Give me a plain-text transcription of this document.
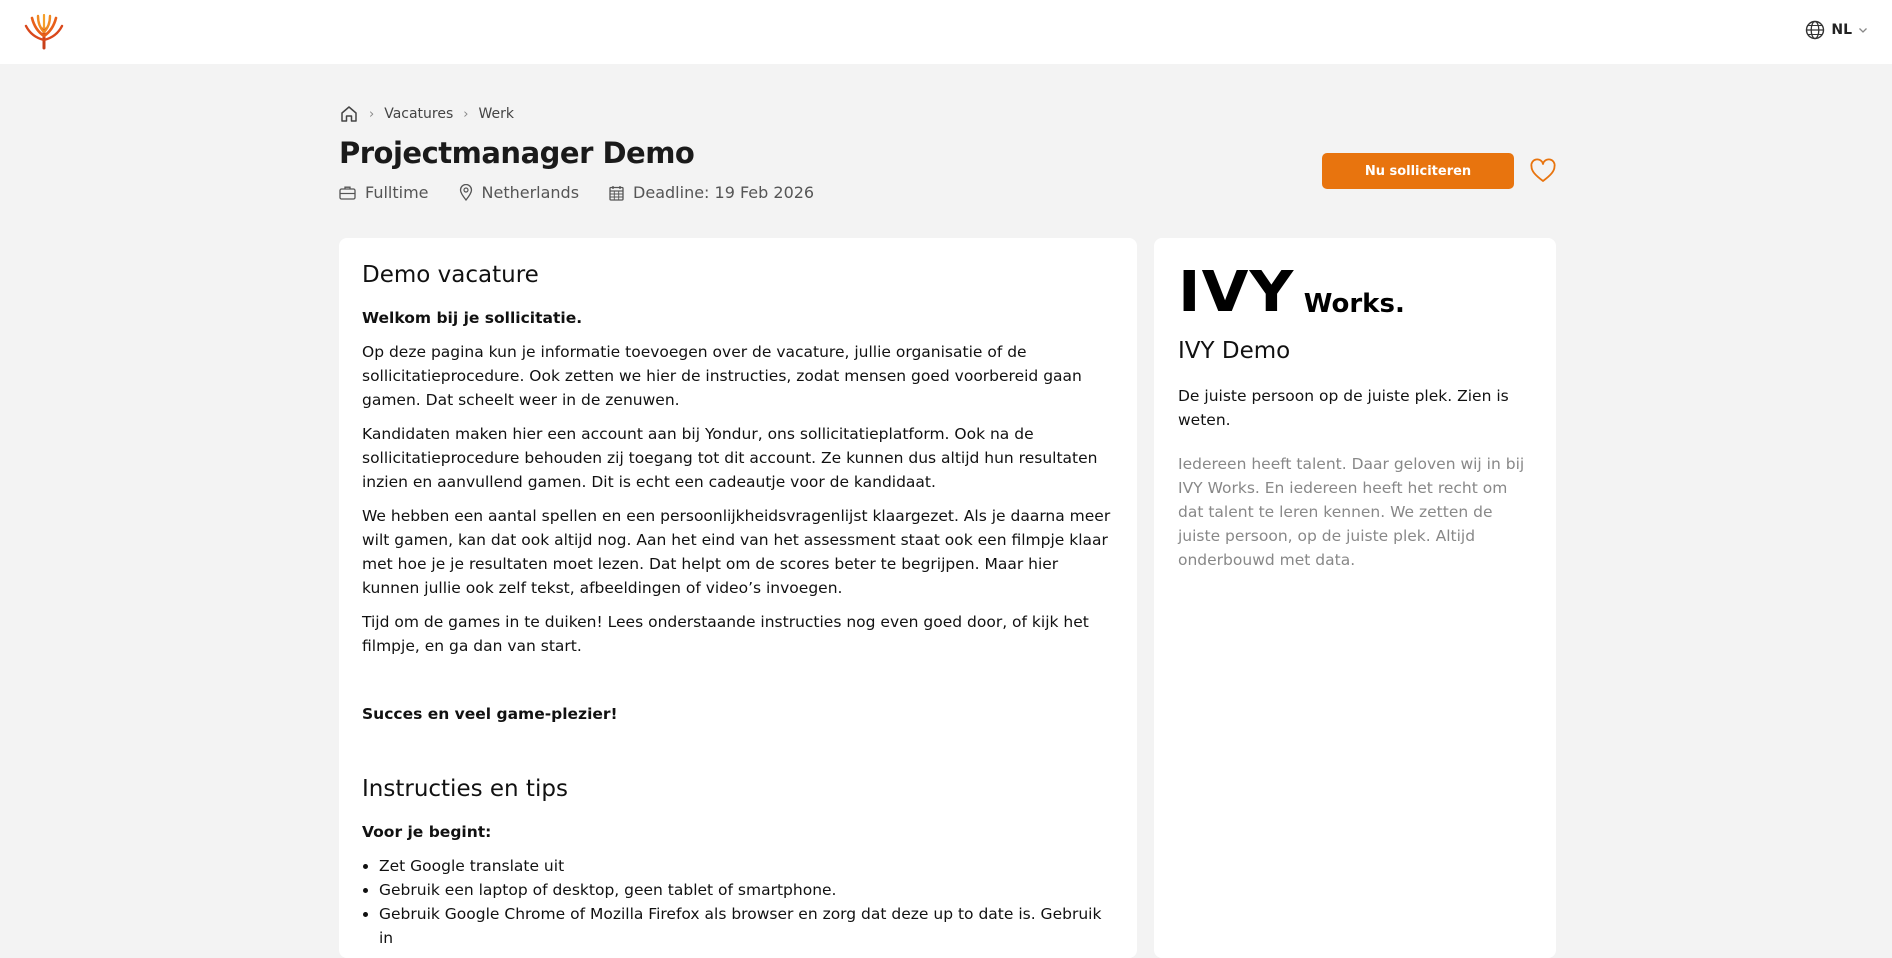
NL
› Vacatures › Werk
Projectmanager Demo
Fulltime	Netherlands	Deadline: 19 Feb 2026
Nu solliciteren
Demo vacature

Welkom bij je sollicitatie.

Op deze pagina kun je informatie toevoegen over de vacature, jullie organisatie of de sollicitatieprocedure. Ook zetten we hier de instructies, zodat mensen goed voorbereid gaan gamen. Dat scheelt weer in de zenuwen.

Kandidaten maken hier een account aan bij Yondur, ons sollicitatieplatform. Ook na de sollicitatieprocedure behouden zij toegang tot dit account. Ze kunnen dus altijd hun resultaten inzien en aanvullend gamen. Dit is echt een cadeautje voor de kandidaat.

We hebben een aantal spellen en een persoonlijkheidsvragenlijst klaargezet. Als je daarna meer wilt gamen, kan dat ook altijd nog. Aan het eind van het assessment staat ook een filmpje klaar met hoe je je resultaten moet lezen. Dat helpt om de scores beter te begrijpen. Maar hier kunnen jullie ook zelf tekst, afbeeldingen of video’s invoegen.

Tijd om de games in te duiken! Lees onderstaande instructies nog even goed door, of kijk het filmpje, en ga dan van start.

Succes en veel game-plezier!

Instructies en tips

Voor je begint:

• Zet Google translate uit
• Gebruik een laptop of desktop, geen tablet of smartphone.
• Gebruik Google Chrome of Mozilla Firefox als browser en zorg dat deze up to date is. Gebruik in
IVY Works.
IVY Demo

De juiste persoon op de juiste plek. Zien is weten.

Iedereen heeft talent. Daar geloven wij in bij IVY Works. En iedereen heeft het recht om dat talent te leren kennen. We zetten de juiste persoon, op de juiste plek. Altijd onderbouwd met data.
